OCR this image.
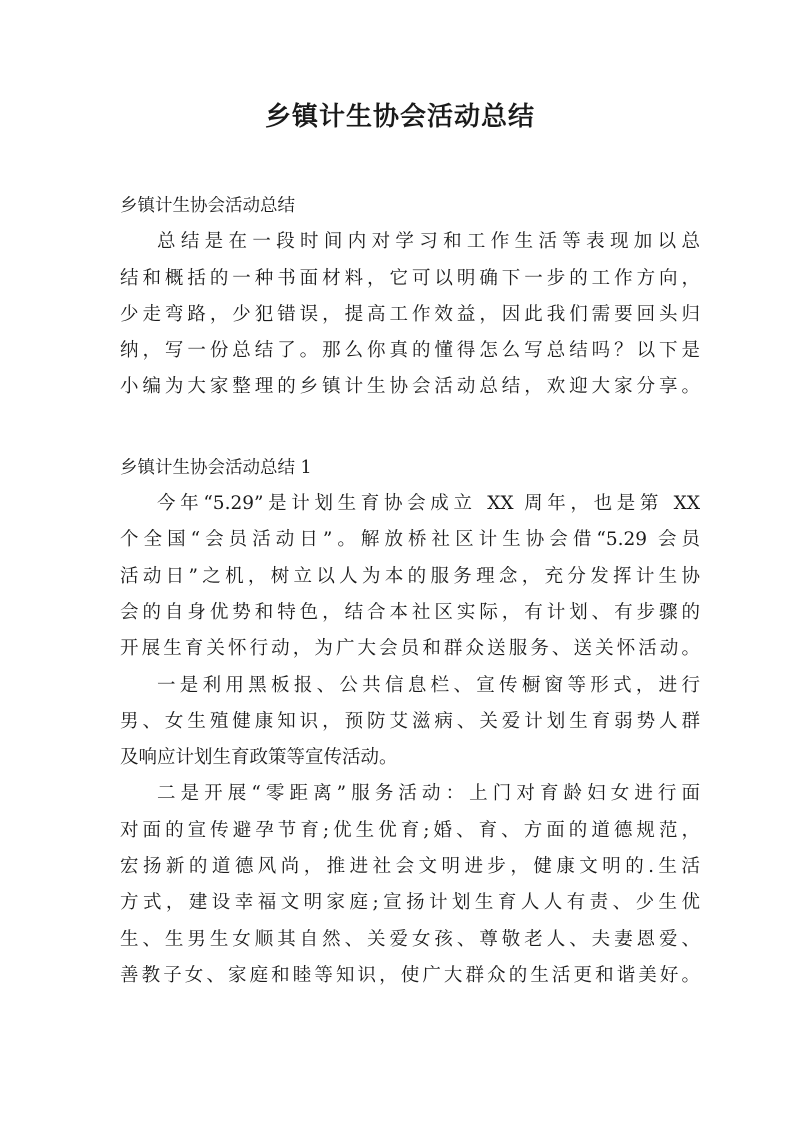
乡镇计生协会活动总结
乡镇计生协会活动总结
总结是在一段时间内对学习和工作生活等表现加以总
结和概括的一种书面材料，它可以明确下一步的工作方向，
少走弯路，少犯错误，提高工作效益，因此我们需要回头归
纳，写一份总结了。那么你真的懂得怎么写总结吗？以下是
小编为大家整理的乡镇计生协会活动总结，欢迎大家分享。
乡镇计生协会活动总结 1
今年“5.29”是计划生育协会成立 XX 周年，也是第 XX
个全国“会员活动日”。解放桥社区计生协会借“5.29 会员
活动日”之机，树立以人为本的服务理念，充分发挥计生协
会的自身优势和特色，结合本社区实际，有计划、有步骤的
开展生育关怀行动，为广大会员和群众送服务、送关怀活动。
一是利用黑板报、公共信息栏、宣传橱窗等形式，进行
男、女生殖健康知识，预防艾滋病、关爱计划生育弱势人群
及响应计划生育政策等宣传活动。
二是开展“零距离”服务活动：上门对育龄妇女进行面
对面的宣传避孕节育;优生优育;婚、育、方面的道德规范，
宏扬新的道德风尚，推进社会文明进步，健康文明的.生活
方式，建设幸福文明家庭;宣扬计划生育人人有责、少生优
生、生男生女顺其自然、关爱女孩、尊敬老人、夫妻恩爱、
善教子女、家庭和睦等知识，使广大群众的生活更和谐美好。
